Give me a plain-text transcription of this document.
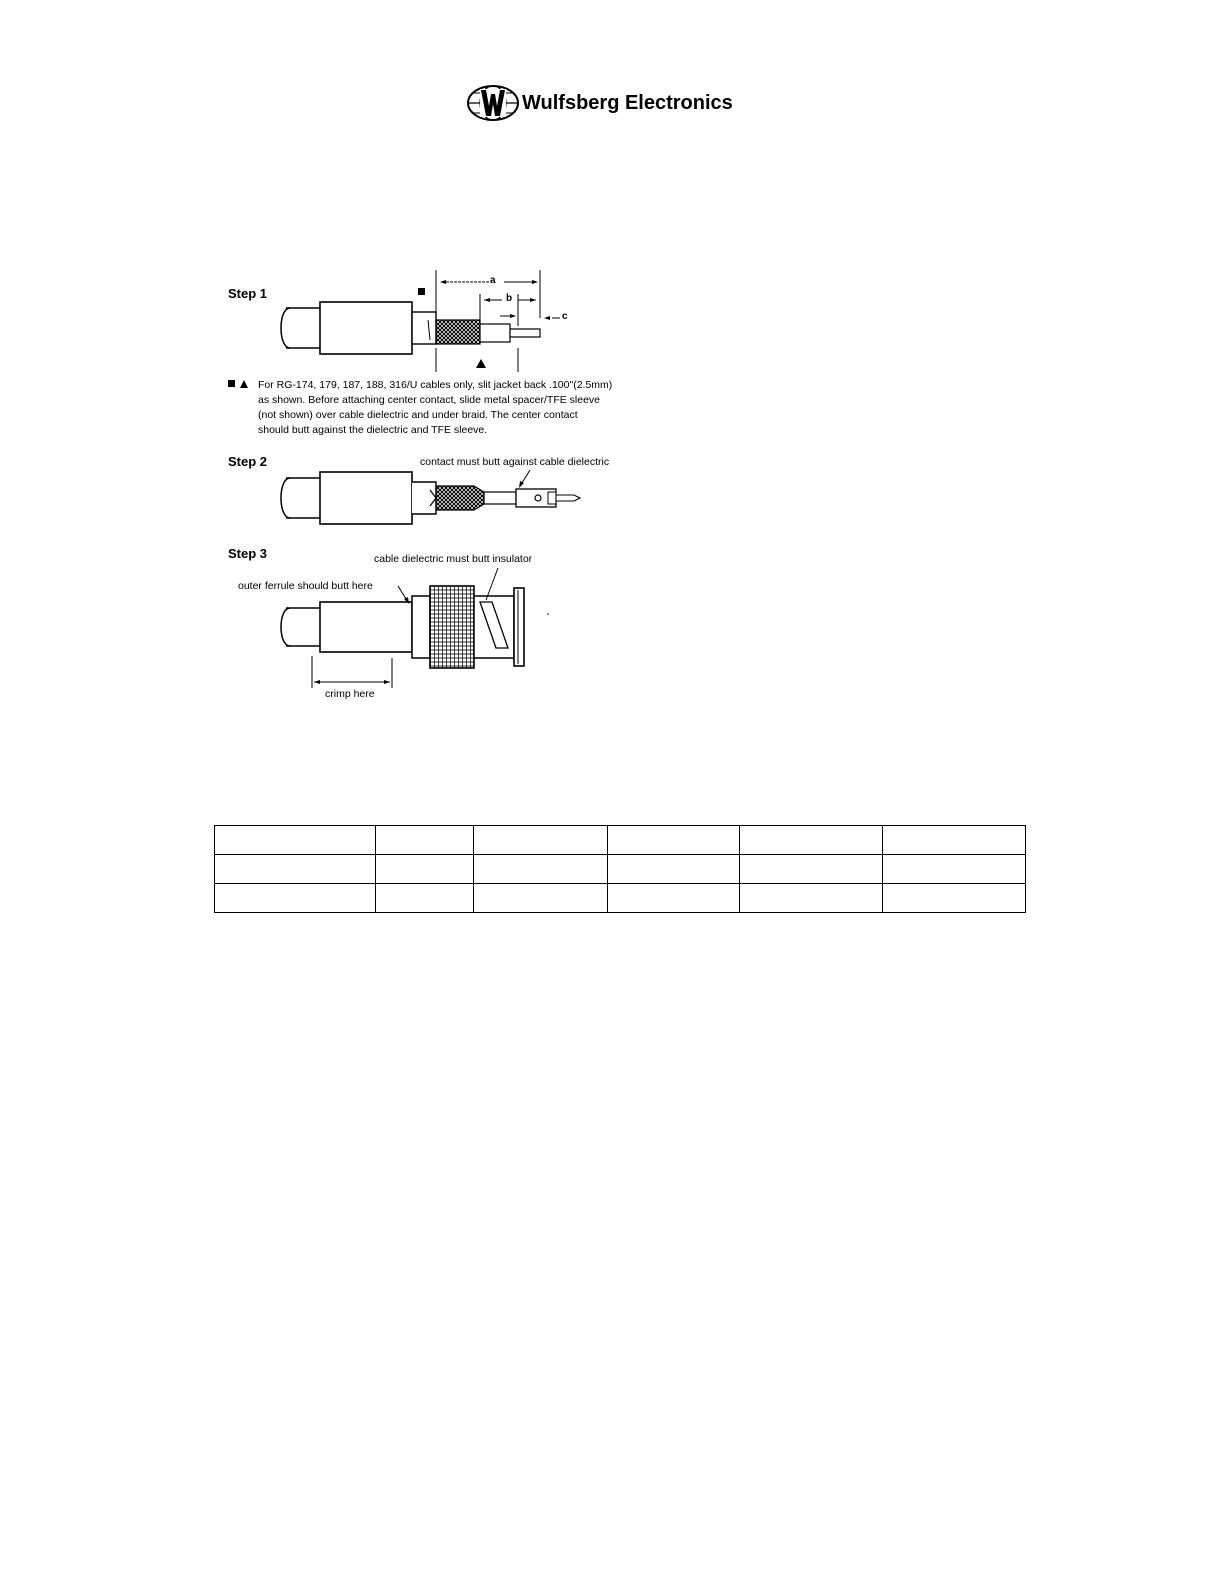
Wulfsberg Electronics
Step 1
Step 2
Step 3
a
b
c
For RG-174, 179, 187, 188, 316/U cables only, slit jacket back .100"(2.5mm)
as shown. Before attaching center contact, slide metal spacer/TFE sleeve
(not shown) over cable dielectric and under braid. The center contact
should butt against the dielectric and TFE sleeve.
contact must butt against cable dielectric
cable dielectric must butt insulator
outer ferrule should butt here
crimp here
